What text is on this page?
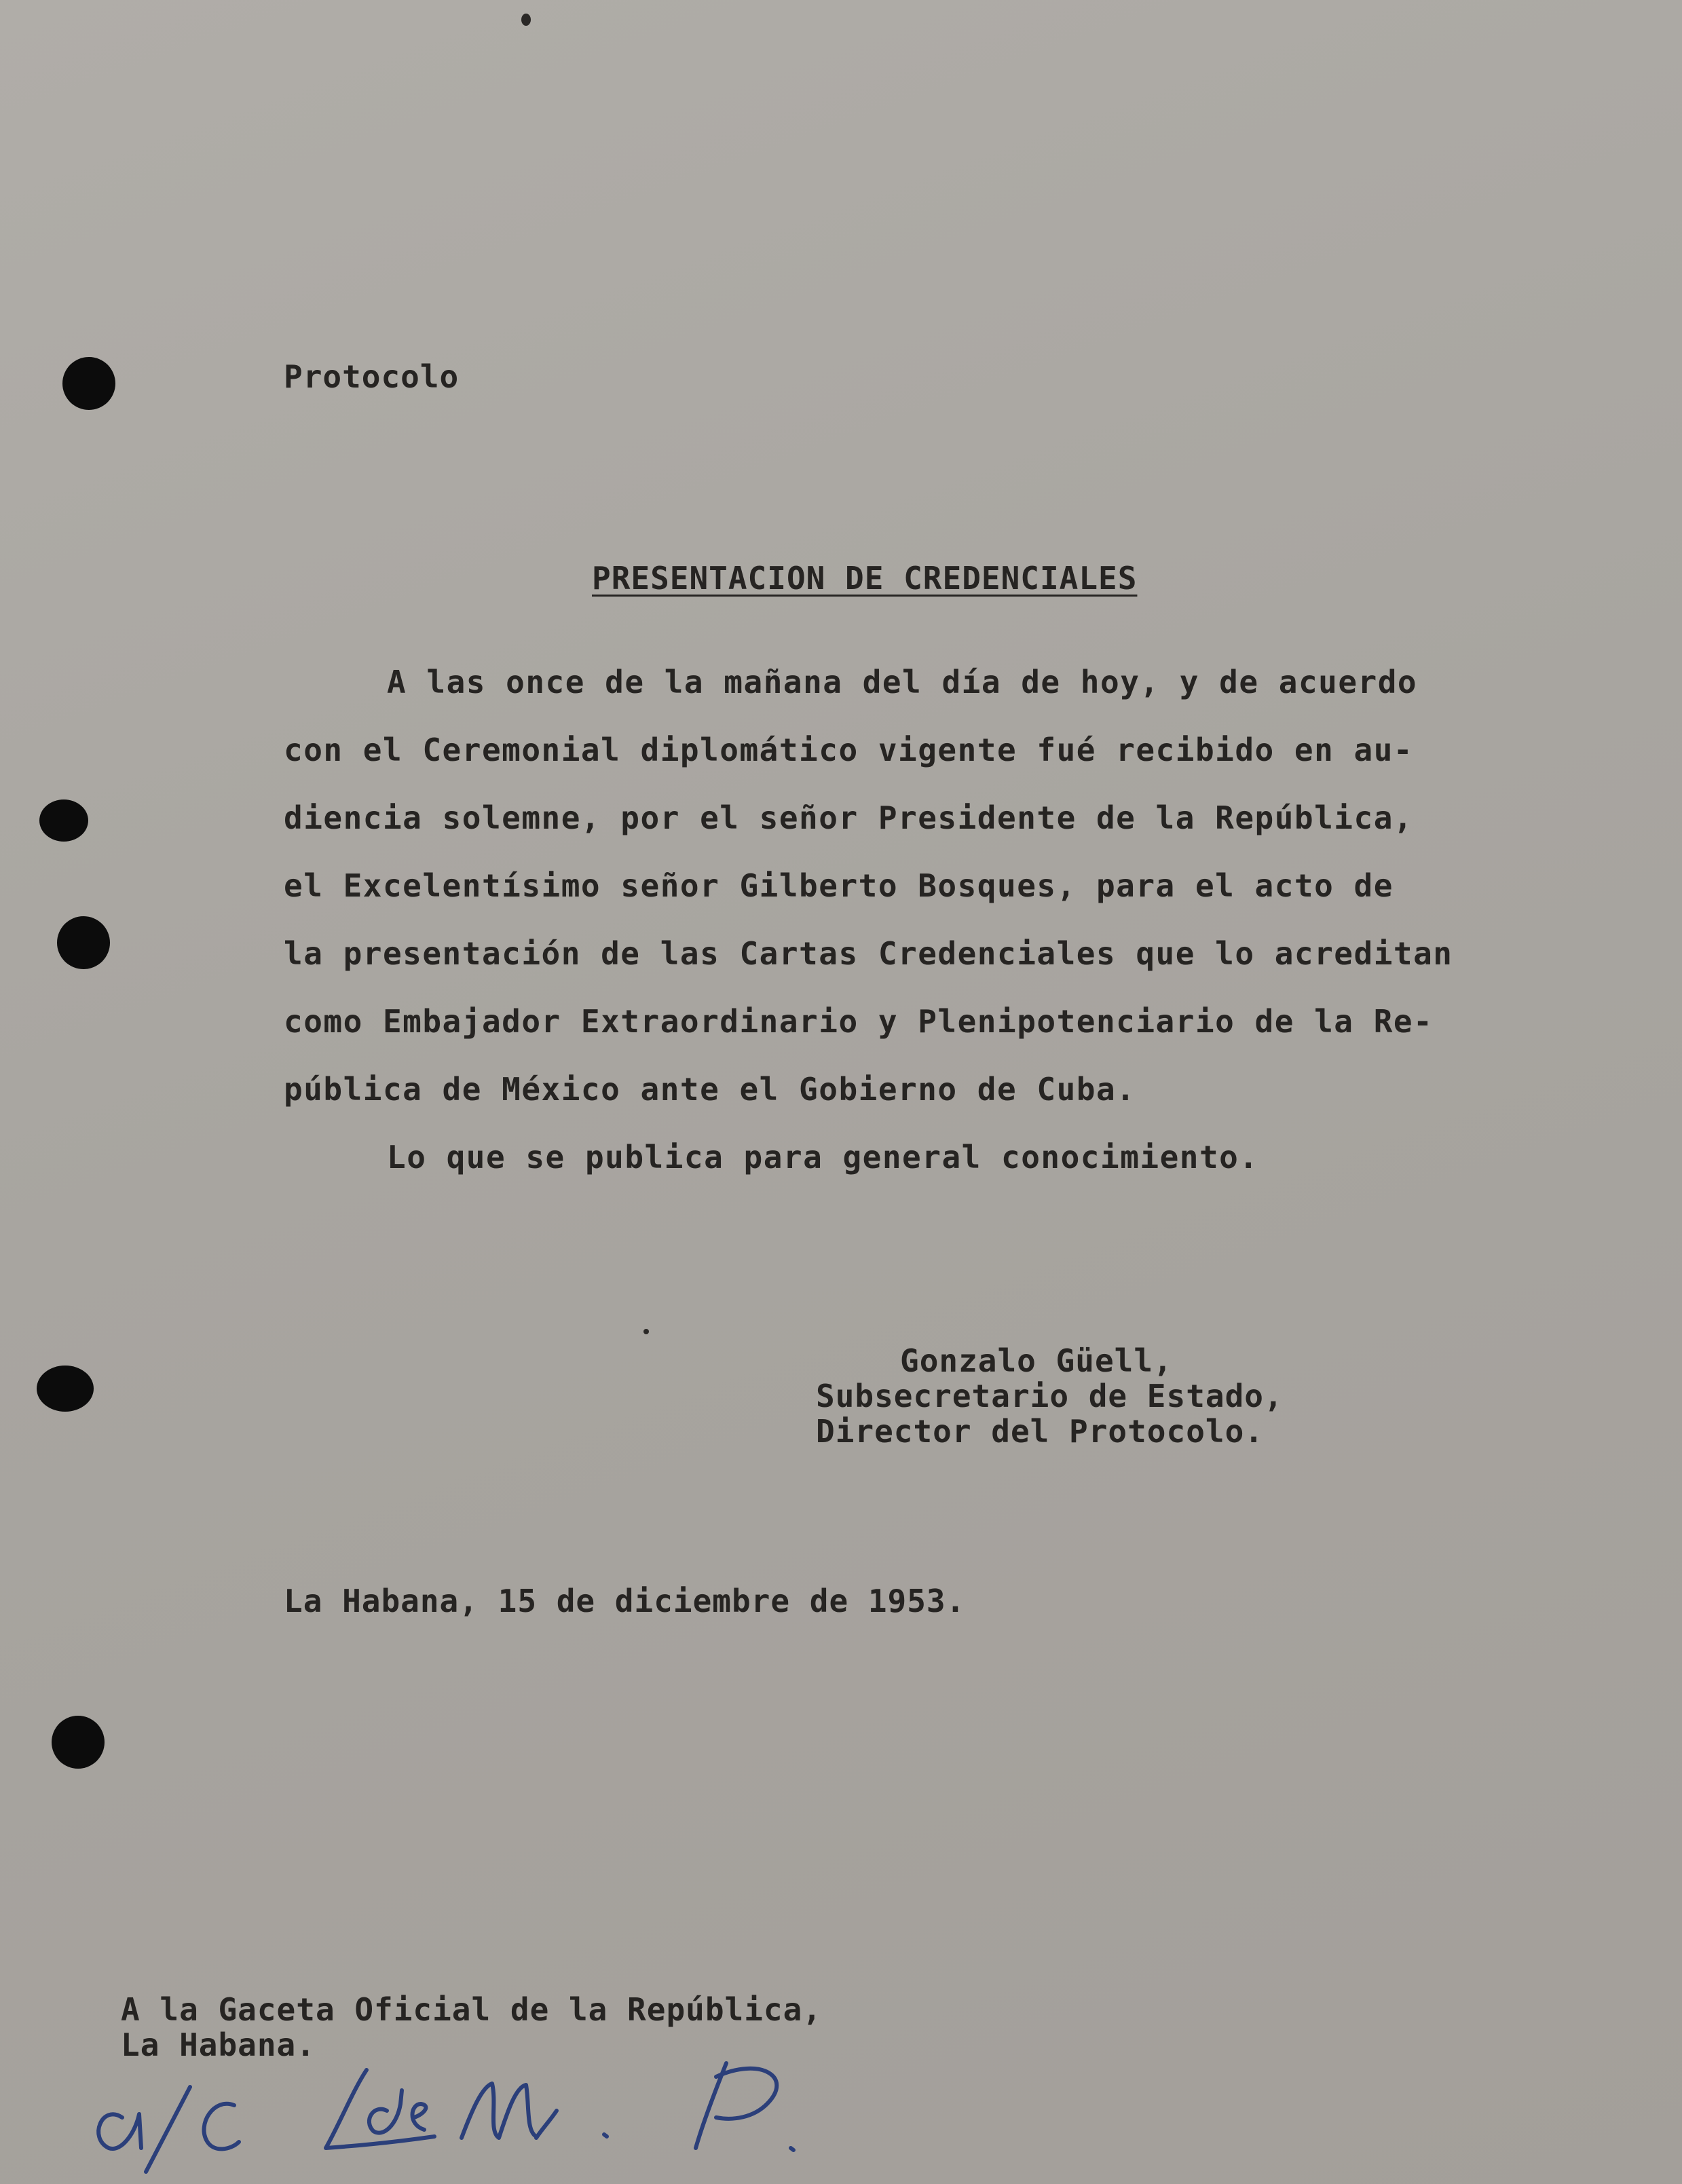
Protocolo
PRESENTACION DE CREDENCIALES
A las once de la mañana del día de hoy, y de acuerdo
con el Ceremonial diplomático vigente fué recibido en au-
diencia solemne, por el señor Presidente de la República,
el Excelentísimo señor Gilberto Bosques, para el acto de
la presentación de las Cartas Credenciales que lo acreditan
como Embajador Extraordinario y Plenipotenciario de la Re-
pública de México ante el Gobierno de Cuba.
Lo que se publica para general conocimiento.
Gonzalo Güell,
Subsecretario de Estado,
Director del Protocolo.
La Habana, 15 de diciembre de 1953.
A la Gaceta Oficial de la República,
La Habana.
